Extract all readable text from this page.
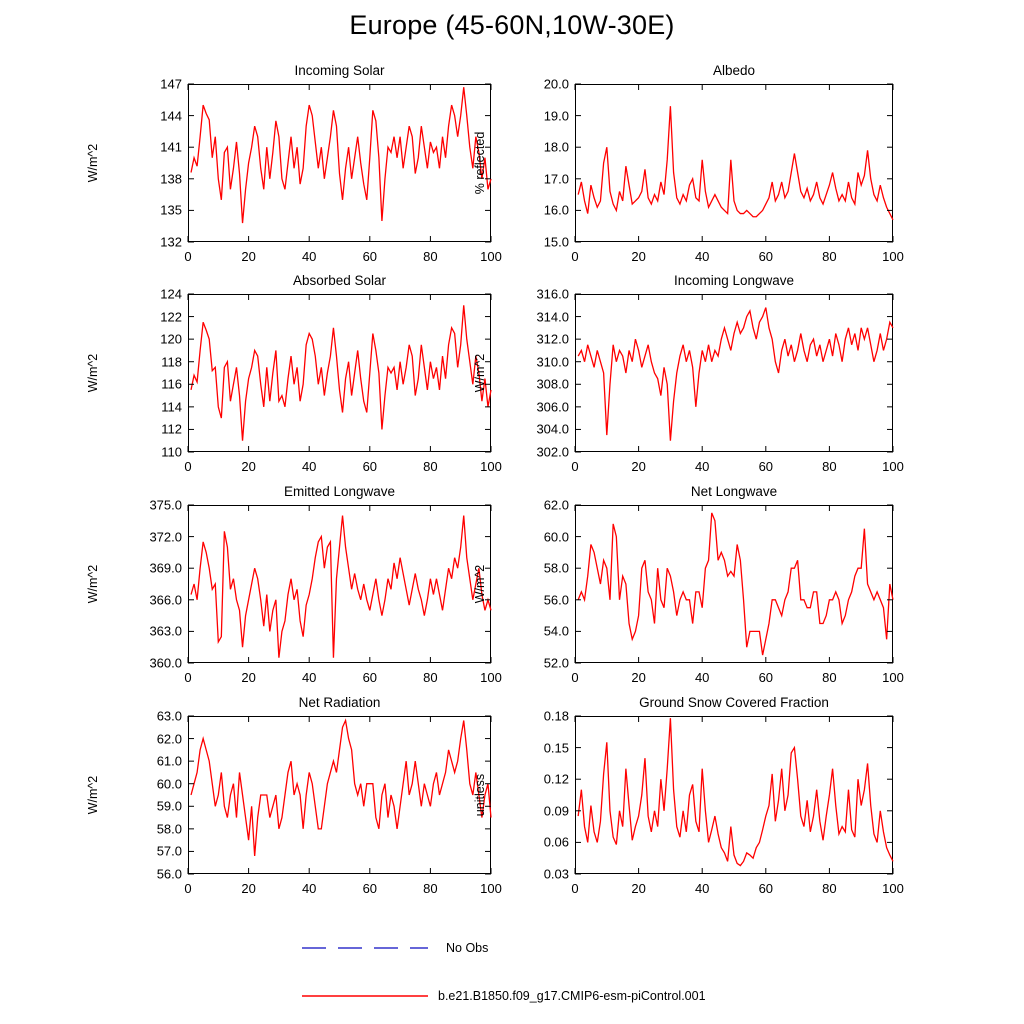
Europe (45-60N,10W-30E)
Incoming Solar
132
135
138
141
144
147
0	20	40	60	80	100
W/m^2
Albedo
15.0
16.0
17.0
18.0
19.0
20.0
0	20	40	60	80	100
% reflected
Absorbed Solar
110
112
114
116
118
120
122
124
0	20	40	60	80	100
W/m^2
Incoming Longwave
302.0
304.0
306.0
308.0
310.0
312.0
314.0
316.0
0	20	40	60	80	100
W/m^2
Emitted Longwave
360.0
363.0
366.0
369.0
372.0
375.0
0	20	40	60	80	100
W/m^2
Net Longwave
52.0
54.0
56.0
58.0
60.0
62.0
0	20	40	60	80	100
W/m^2
Net Radiation
56.0
57.0
58.0
59.0
60.0
61.0
62.0
63.0
0	20	40	60	80	100
W/m^2
Ground Snow Covered Fraction
0.03
0.06
0.09
0.12
0.15
0.18
0	20	40	60	80	100
unitless
No Obs
b.e21.B1850.f09_g17.CMIP6-esm-piControl.001
